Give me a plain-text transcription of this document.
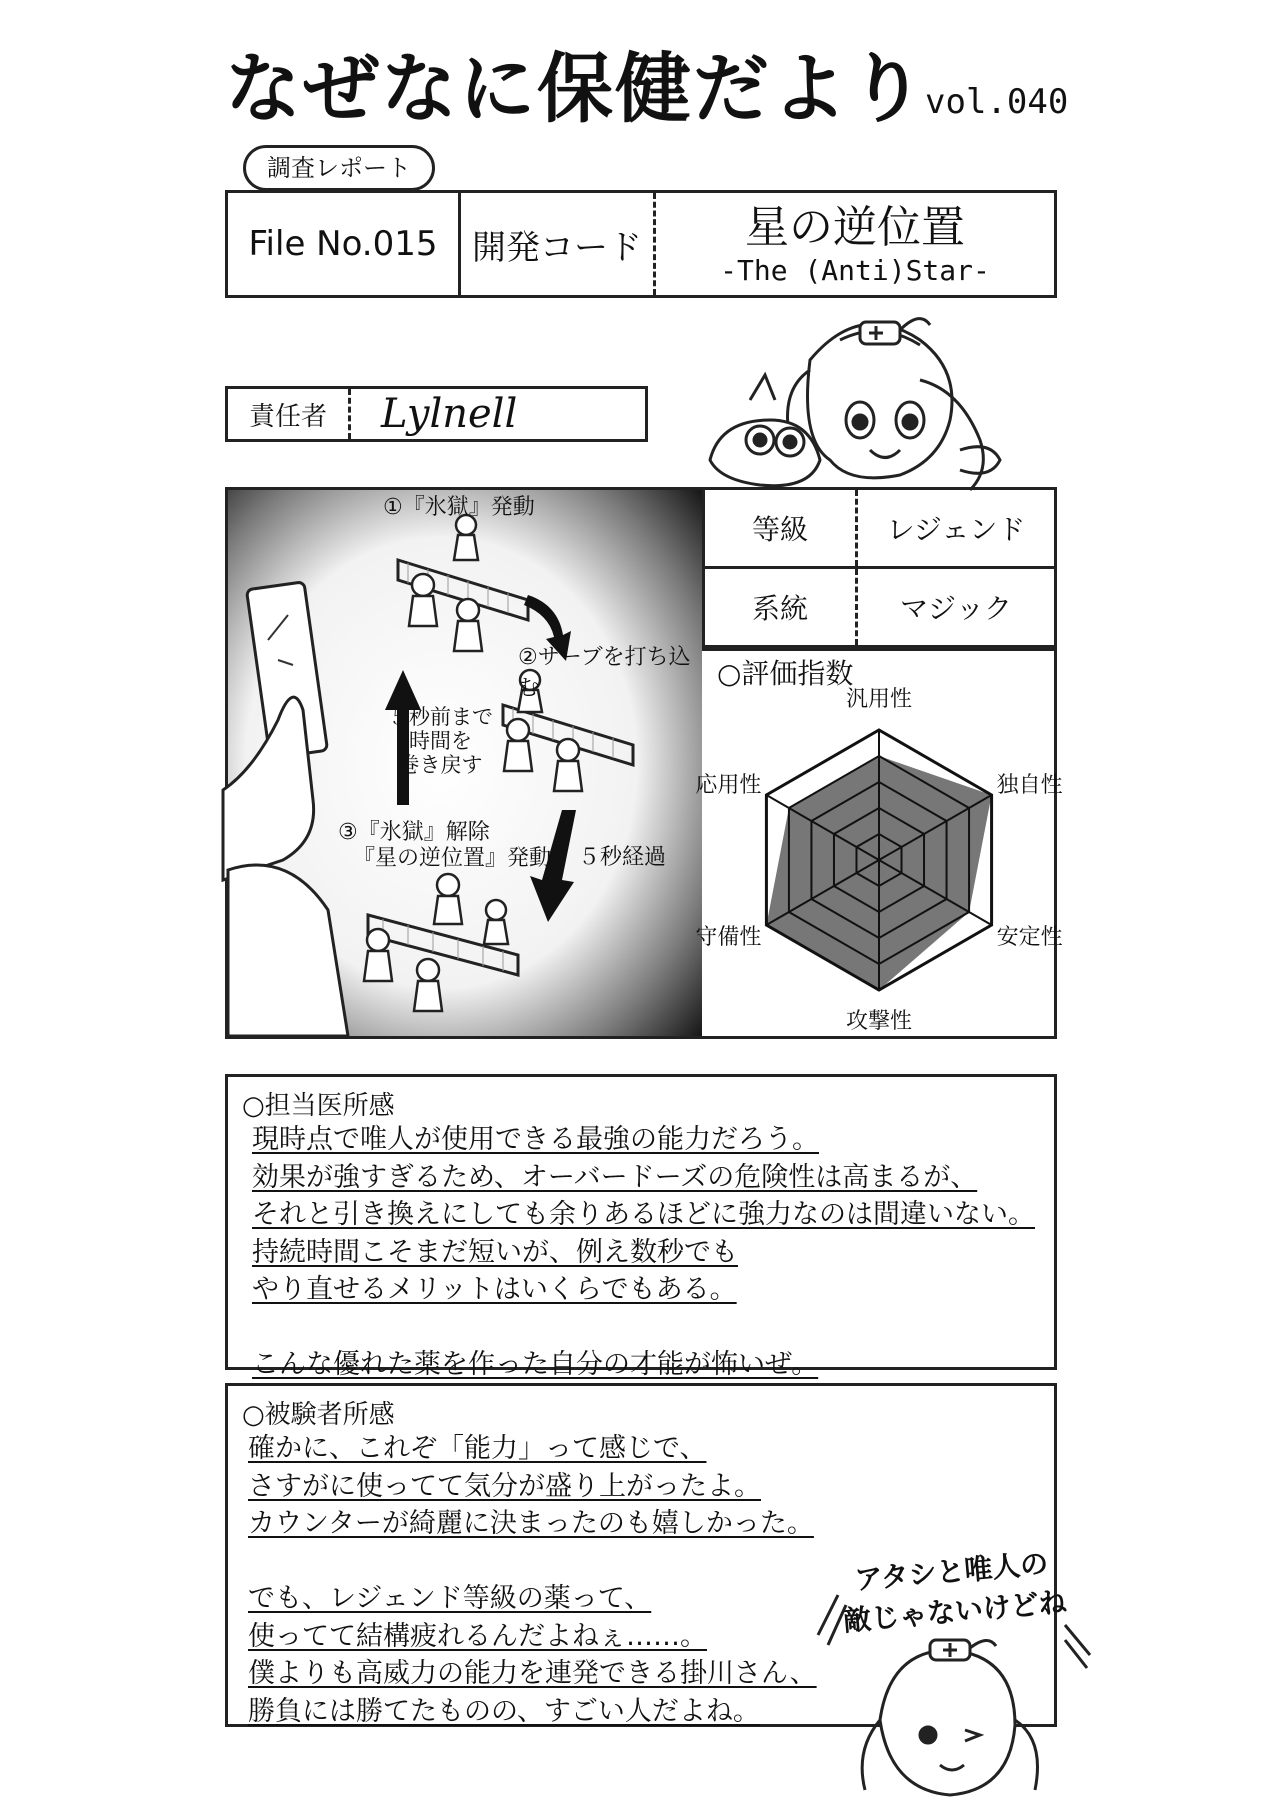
なぜなに保健だより
vol.040
調査レポート
File No.015	開発コード	星の逆位置
-The (Anti)Star-
責任者	Lylnell
①『氷獄』発動
②サーブを打ち込む
５秒前まで
時間を
巻き戻す
５秒経過
③『氷獄』解除
『星の逆位置』発動
等級	レジェンド
系統	マジック
○評価指数
汎用性
独自性
安定性
攻撃性
守備性
応用性
○担当医所感
現時点で唯人が使用できる最強の能力だろう。
効果が強すぎるため、オーバードーズの危険性は高まるが、
それと引き換えにしても余りあるほどに強力なのは間違いない。
持続時間こそまだ短いが、例え数秒でも
やり直せるメリットはいくらでもある。
こんな優れた薬を作った自分の才能が怖いぜ。
○被験者所感
確かに、これぞ「能力」って感じで、
さすがに使ってて気分が盛り上がったよ。
カウンターが綺麗に決まったのも嬉しかった。
でも、レジェンド等級の薬って、
使ってて結構疲れるんだよねぇ……。
僕よりも高威力の能力を連発できる掛川さん、
勝負には勝てたものの、すごい人だよね。
アタシと唯人の
敵じゃないけどね♪
